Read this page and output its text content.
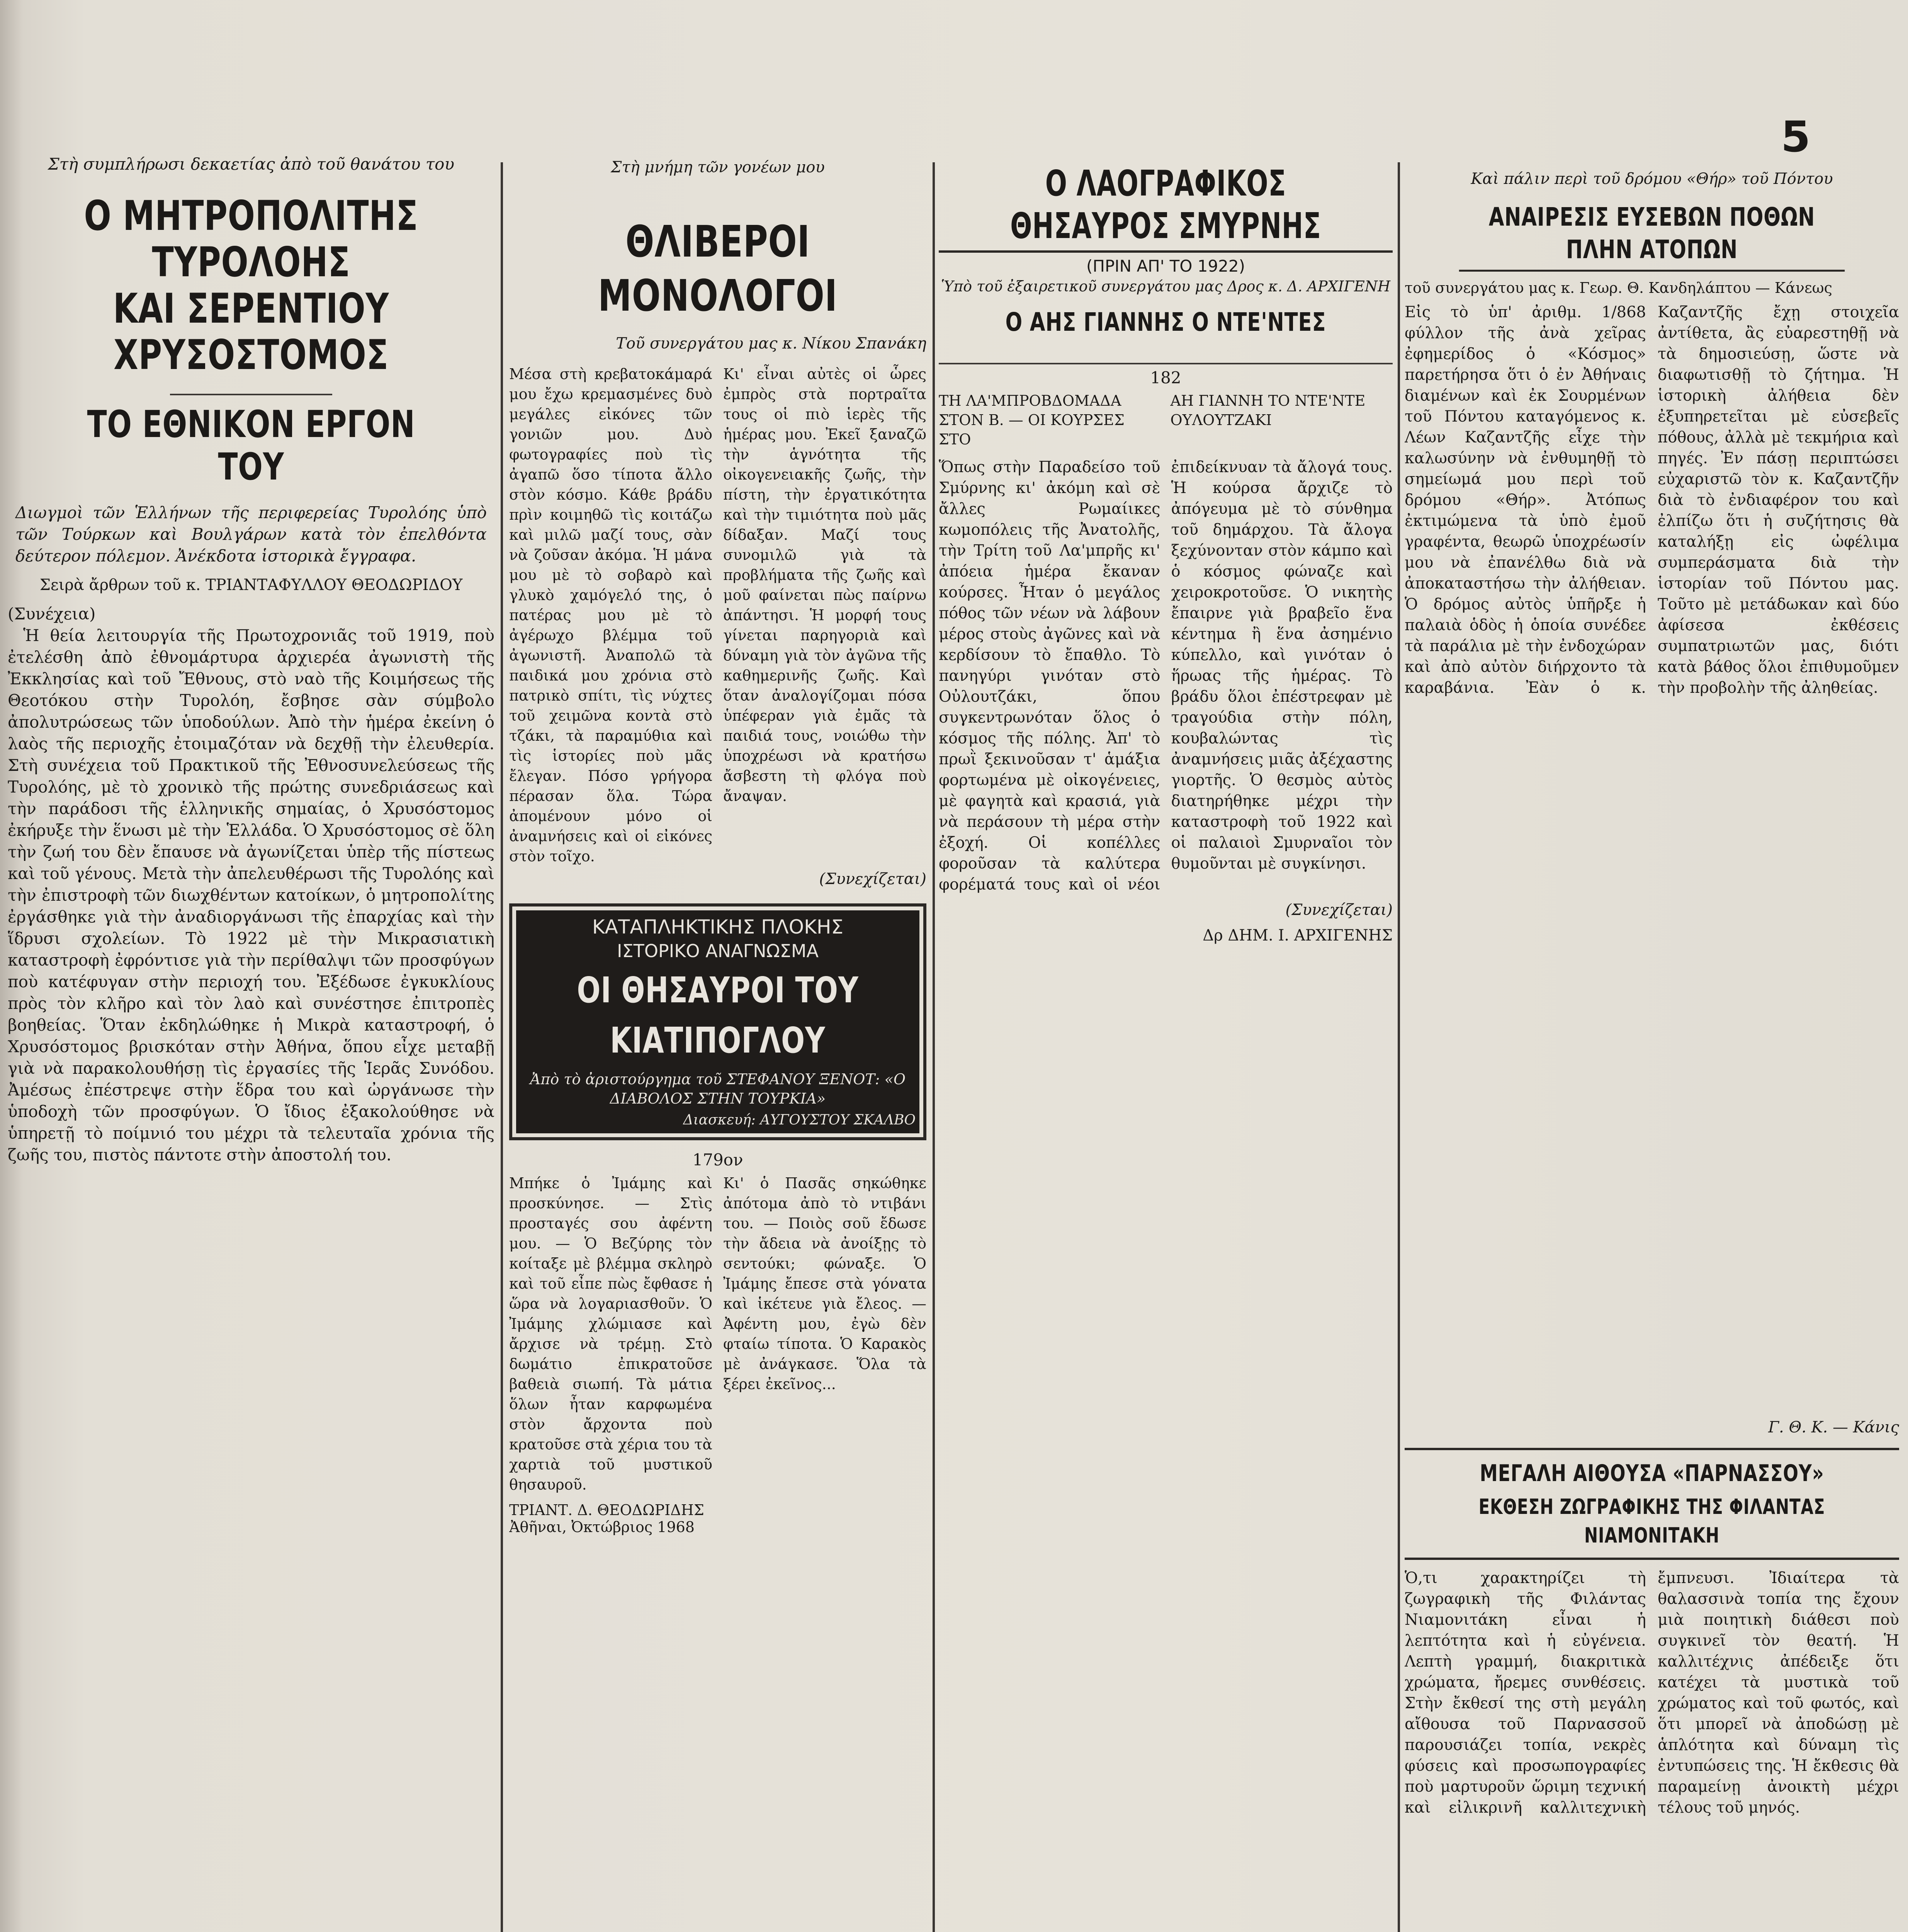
5
Στὴ συμπλήρωσι δεκαετίας ἀπὸ τοῦ θανάτου του
Ο ΜΗΤΡΟΠΟΛΙΤΗΣ ΤΥΡΟΛΟΗΣ
ΚΑΙ ΣΕΡΕΝΤΙΟΥ ΧΡΥΣΟΣΤΟΜΟΣ
ΤΟ ΕΘΝΙΚΟΝ ΕΡΓΟΝ ΤΟΥ
Διωγμοὶ τῶν Ἑλλήνων τῆς περιφερείας Τυρολόης ὑπὸ τῶν Τούρκων καὶ Βουλγάρων κατὰ τὸν ἐπελθόντα δεύτερον πόλεμον. Ἀνέκδοτα ἱστορικὰ ἔγγραφα.
Σειρὰ ἄρθρων τοῦ κ. ΤΡΙΑΝΤΑΦΥΛΛΟΥ ΘΕΟΔΩΡΙΔΟΥ
(Συνέχεια)
Ἡ θεία λειτουργία τῆς Πρωτοχρονιᾶς τοῦ 1919, ποὺ ἐτελέσθη ἀπὸ ἐθνομάρτυρα ἀρχιερέα ἀγωνιστὴ τῆς Ἐκκλησίας καὶ τοῦ Ἔθνους, στὸ ναὸ τῆς Κοιμήσεως τῆς Θεοτόκου στὴν Τυρολόη, ἔσβησε σὰν σύμβολο ἀπολυτρώσεως τῶν ὑποδούλων. Ἀπὸ τὴν ἡμέρα ἐκείνη ὁ λαὸς τῆς περιοχῆς ἐτοιμαζόταν νὰ δεχθῇ τὴν ἐλευθερία. Στὴ συνέχεια τοῦ Πρακτικοῦ τῆς Ἐθνοσυνελεύσεως τῆς Τυρολόης, μὲ τὸ χρονικὸ τῆς πρώτης συνεδριάσεως καὶ τὴν παράδοσι τῆς ἑλληνικῆς σημαίας, ὁ Χρυσόστομος ἐκήρυξε τὴν ἕνωσι μὲ τὴν Ἑλλάδα. Ὁ Χρυσόστομος σὲ ὅλη τὴν ζωή του δὲν ἔπαυσε νὰ ἀγωνίζεται ὑπὲρ τῆς πίστεως καὶ τοῦ γένους. Μετὰ τὴν ἀπελευθέρωσι τῆς Τυρολόης καὶ τὴν ἐπιστροφὴ τῶν διωχθέντων κατοίκων, ὁ μητροπολίτης ἐργάσθηκε γιὰ τὴν ἀναδιοργάνωσι τῆς ἐπαρχίας καὶ τὴν ἵδρυσι σχολείων. Τὸ 1922 μὲ τὴν Μικρασιατικὴ καταστροφὴ ἐφρόντισε γιὰ τὴν περίθαλψι τῶν προσφύγων ποὺ κατέφυγαν στὴν περιοχή του. Ἐξέδωσε ἐγκυκλίους πρὸς τὸν κλῆρο καὶ τὸν λαὸ καὶ συνέστησε ἐπιτροπὲς βοηθείας. Ὅταν ἐκδηλώθηκε ἡ Μικρὰ καταστροφή, ὁ Χρυσόστομος βρισκόταν στὴν Ἀθήνα, ὅπου εἶχε μεταβῇ γιὰ νὰ παρακολουθήσῃ τὶς ἐργασίες τῆς Ἱερᾶς Συνόδου. Ἀμέσως ἐπέστρεψε στὴν ἕδρα του καὶ ὠργάνωσε τὴν ὑποδοχὴ τῶν προσφύγων. Ὁ ἴδιος ἐξακολούθησε νὰ ὑπηρετῇ τὸ ποίμνιό του μέχρι τὰ τελευταῖα χρόνια τῆς ζωῆς του, πιστὸς πάντοτε στὴν ἀποστολή του.
Στὴ μνήμη τῶν γονέων μου
ΘΛΙΒΕΡΟΙ ΜΟΝΟΛΟΓΟΙ
Τοῦ συνεργάτου μας κ. Νίκου Σπανάκη
Μέσα στὴ κρεβατοκάμαρά μου ἔχω κρεμασμένες δυὸ μεγάλες εἰκόνες τῶν γονιῶν μου. Δυὸ φωτογραφίες ποὺ τὶς ἀγαπῶ ὅσο τίποτα ἄλλο στὸν κόσμο. Κάθε βράδυ πρὶν κοιμηθῶ τὶς κοιτάζω καὶ μιλῶ μαζί τους, σὰν νὰ ζοῦσαν ἀκόμα. Ἡ μάνα μου μὲ τὸ σοβαρὸ καὶ γλυκὸ χαμόγελό της, ὁ πατέρας μου μὲ τὸ ἀγέρωχο βλέμμα τοῦ ἀγωνιστῆ. Ἀναπολῶ τὰ παιδικά μου χρόνια στὸ πατρικὸ σπίτι, τὶς νύχτες τοῦ χειμῶνα κοντὰ στὸ τζάκι, τὰ παραμύθια καὶ τὶς ἱστορίες ποὺ μᾶς ἔλεγαν. Πόσο γρήγορα πέρασαν ὅλα. Τώρα ἀπομένουν μόνο οἱ ἀναμνήσεις καὶ οἱ εἰκόνες στὸν τοῖχο.
Κι' εἶναι αὐτὲς οἱ ὧρες ἐμπρὸς στὰ πορτραῖτα τους οἱ πιὸ ἱερὲς τῆς ἡμέρας μου. Ἐκεῖ ξαναζῶ τὴν ἁγνότητα τῆς οἰκογενειακῆς ζωῆς, τὴν πίστη, τὴν ἐργατικότητα καὶ τὴν τιμιότητα ποὺ μᾶς δίδαξαν. Μαζί τους συνομιλῶ γιὰ τὰ προβλήματα τῆς ζωῆς καὶ μοῦ φαίνεται πὼς παίρνω ἀπάντησι. Ἡ μορφή τους γίνεται παρηγοριὰ καὶ δύναμη γιὰ τὸν ἀγῶνα τῆς καθημερινῆς ζωῆς. Καὶ ὅταν ἀναλογίζομαι πόσα ὑπέφεραν γιὰ ἐμᾶς τὰ παιδιά τους, νοιώθω τὴν ὑποχρέωσι νὰ κρατήσω ἄσβεστη τὴ φλόγα ποὺ ἄναψαν.
(Συνεχίζεται)
ΚΑΤΑΠΛΗΚΤΙΚΗΣ ΠΛΟΚΗΣ
ΙΣΤΟΡΙΚΟ ΑΝΑΓΝΩΣΜΑ
ΟΙ ΘΗΣΑΥΡΟΙ ΤΟΥ ΚΙΑΤΙΠΟΓΛΟΥ
Ἀπὸ τὸ ἀριστούργημα τοῦ ΣΤΕΦΑΝΟΥ ΞΕΝΟΤ: «Ο ΔΙΑΒΟΛΟΣ ΣΤΗΝ ΤΟΥΡΚΙΑ»
Διασκευή: ΑΥΓΟΥΣΤΟΥ ΣΚΑΛΒΟ
179ον
Μπήκε ὁ Ἰμάμης καὶ προσκύνησε. — Στὶς προσταγές σου ἀφέντη μου. — Ὁ Βεζύρης τὸν κοίταξε μὲ βλέμμα σκληρὸ καὶ τοῦ εἶπε πὼς ἔφθασε ἡ ὥρα νὰ λογαριασθοῦν. Ὁ Ἰμάμης χλώμιασε καὶ ἄρχισε νὰ τρέμῃ. Στὸ δωμάτιο ἐπικρατοῦσε βαθειὰ σιωπή. Τὰ μάτια ὅλων ἦταν καρφωμένα στὸν ἄρχοντα ποὺ κρατοῦσε στὰ χέρια του τὰ χαρτιὰ τοῦ μυστικοῦ θησαυροῦ.
Κι' ὁ Πασᾶς σηκώθηκε ἀπότομα ἀπὸ τὸ ντιβάνι του. — Ποιὸς σοῦ ἔδωσε τὴν ἄδεια νὰ ἀνοίξῃς τὸ σεντούκι; φώναξε. Ὁ Ἰμάμης ἔπεσε στὰ γόνατα καὶ ἱκέτευε γιὰ ἔλεος. — Ἀφέντη μου, ἐγὼ δὲν φταίω τίποτα. Ὁ Καρακὸς μὲ ἀνάγκασε. Ὅλα τὰ ξέρει ἐκεῖνος...
ΤΡΙΑΝΤ. Δ. ΘΕΟΔΩΡΙΔΗΣ
Ἀθῆναι, Ὀκτώβριος 1968
Ο ΛΑΟΓΡΑΦΙΚΟΣ ΘΗΣΑΥΡΟΣ ΣΜΥΡΝΗΣ
(ΠΡΙΝ ΑΠ' ΤΟ 1922)
Ὑπὸ τοῦ ἐξαιρετικοῦ συνεργάτου μας Δρος κ. Δ. ΑΡΧΙΓΕΝΗ
Ο ΑΗΣ ΓΙΑΝΝΗΣ Ο ΝΤΕ'ΝΤΕΣ
182
ΤΗ ΛΑ'ΜΠΡΟΒΔΟΜΑΔΑ ΣΤΟΝ Β. — ΟΙ ΚΟΥΡΣΕΣ ΣΤΟ
ΑΗ ΓΙΑΝΝΗ ΤΟ ΝΤΕ'ΝΤΕ ΟΥΛΟΥΤΖΑΚΙ
Ὅπως στὴν Παραδείσο τοῦ Σμύρνης κι' ἀκόμη καὶ σὲ ἄλλες Ρωμαίικες κωμοπόλεις τῆς Ἀνατολῆς, τὴν Τρίτη τοῦ Λα'μπρῆς κι' ἀπόεια ἡμέρα ἔκαναν κούρσες. Ἦταν ὁ μεγάλος πόθος τῶν νέων νὰ λάβουν μέρος στοὺς ἀγῶνες καὶ νὰ κερδίσουν τὸ ἔπαθλο. Τὸ πανηγύρι γινόταν στὸ Οὐλουτζάκι, ὅπου συγκεντρωνόταν ὅλος ὁ κόσμος τῆς πόλης. Ἀπ' τὸ πρωῒ ξεκινοῦσαν τ' ἁμάξια φορτωμένα μὲ οἰκογένειες, μὲ φαγητὰ καὶ κρασιά, γιὰ νὰ περάσουν τὴ μέρα στὴν ἐξοχή. Οἱ κοπέλλες φοροῦσαν τὰ καλύτερα φορέματά τους καὶ οἱ νέοι ἐπιδείκνυαν τὰ ἄλογά τους. Ἡ κούρσα ἄρχιζε τὸ ἀπόγευμα μὲ τὸ σύνθημα τοῦ δημάρχου. Τὰ ἄλογα ξεχύνονταν στὸν κάμπο καὶ ὁ κόσμος φώναζε καὶ χειροκροτοῦσε. Ὁ νικητὴς ἔπαιρνε γιὰ βραβεῖο ἕνα κέντημα ἢ ἕνα ἀσημένιο κύπελλο, καὶ γινόταν ὁ ἥρωας τῆς ἡμέρας. Τὸ βράδυ ὅλοι ἐπέστρεφαν μὲ τραγούδια στὴν πόλη, κουβαλώντας τὶς ἀναμνήσεις μιᾶς ἀξέχαστης γιορτῆς. Ὁ θεσμὸς αὐτὸς διατηρήθηκε μέχρι τὴν καταστροφὴ τοῦ 1922 καὶ οἱ παλαιοὶ Σμυρναῖοι τὸν θυμοῦνται μὲ συγκίνησι.
(Συνεχίζεται)
Δρ ΔΗΜ. Ι. ΑΡΧΙΓΕΝΗΣ
Καὶ πάλιν περὶ τοῦ δρόμου «Θήρ» τοῦ Πόντου
ΑΝΑΙΡΕΣΙΣ ΕΥΣΕΒΩΝ ΠΟΘΩΝ ΠΛΗΝ ΑΤΟΠΩΝ
τοῦ συνεργάτου μας κ. Γεωρ. Θ. Κανδηλάπτου — Κάνεως
Εἰς τὸ ὑπ' ἀριθμ. 1/868 φύλλον τῆς ἀνὰ χεῖρας ἐφημερίδος ὁ «Κόσμος» παρετήρησα ὅτι ὁ ἐν Ἀθήναις διαμένων καὶ ἐκ Σουρμένων τοῦ Πόντου καταγόμενος κ. Λέων Καζαντζῆς εἶχε τὴν καλωσύνην νὰ ἐνθυμηθῇ τὸ σημείωμά μου περὶ τοῦ δρόμου «Θήρ». Ἀτόπως ἐκτιμώμενα τὰ ὑπὸ ἐμοῦ γραφέντα, θεωρῶ ὑποχρέωσίν μου νὰ ἐπανέλθω διὰ νὰ ἀποκαταστήσω τὴν ἀλήθειαν. Ὁ δρόμος αὐτὸς ὑπῆρξε ἡ παλαιὰ ὁδὸς ἡ ὁποία συνέδεε τὰ παράλια μὲ τὴν ἐνδοχώραν καὶ ἀπὸ αὐτὸν διήρχοντο τὰ καραβάνια. Ἐὰν ὁ κ. Καζαντζῆς ἔχῃ στοιχεῖα ἀντίθετα, ἂς εὐαρεστηθῇ νὰ τὰ δημοσιεύσῃ, ὥστε νὰ διαφωτισθῇ τὸ ζήτημα. Ἡ ἱστορικὴ ἀλήθεια δὲν ἐξυπηρετεῖται μὲ εὐσεβεῖς πόθους, ἀλλὰ μὲ τεκμήρια καὶ πηγές. Ἐν πάσῃ περιπτώσει εὐχαριστῶ τὸν κ. Καζαντζῆν διὰ τὸ ἐνδιαφέρον του καὶ ἐλπίζω ὅτι ἡ συζήτησις θὰ καταλήξῃ εἰς ὠφέλιμα συμπεράσματα διὰ τὴν ἱστορίαν τοῦ Πόντου μας. Τοῦτο μὲ μετάδωκαν καὶ δύο ἀφίσεσα ἐκθέσεις συμπατριωτῶν μας, διότι κατὰ βάθος ὅλοι ἐπιθυμοῦμεν τὴν προβολὴν τῆς ἀληθείας.
Γ. Θ. Κ. — Κάνις
ΜΕΓΑΛΗ ΑΙΘΟΥΣΑ «ΠΑΡΝΑΣΣΟΥ»
ΕΚΘΕΣΗ ΖΩΓΡΑΦΙΚΗΣ ΤΗΣ ΦΙΛΑΝΤΑΣ ΝΙΑΜΟΝΙΤΑΚΗ
Ὁ,τι χαρακτηρίζει τὴ ζωγραφικὴ τῆς Φιλάντας Νιαμονιτάκη εἶναι ἡ λεπτότητα καὶ ἡ εὐγένεια. Λεπτὴ γραμμή, διακριτικὰ χρώματα, ἤρεμες συνθέσεις. Στὴν ἔκθεσί της στὴ μεγάλη αἴθουσα τοῦ Παρνασσοῦ παρουσιάζει τοπία, νεκρὲς φύσεις καὶ προσωπογραφίες ποὺ μαρτυροῦν ὥριμη τεχνική καὶ εἰλικρινῆ καλλιτεχνικὴ ἔμπνευσι. Ἰδιαίτερα τὰ θαλασσινὰ τοπία της ἔχουν μιὰ ποιητικὴ διάθεσι ποὺ συγκινεῖ τὸν θεατή. Ἡ καλλιτέχνις ἀπέδειξε ὅτι κατέχει τὰ μυστικὰ τοῦ χρώματος καὶ τοῦ φωτός, καὶ ὅτι μπορεῖ νὰ ἀποδώσῃ μὲ ἁπλότητα καὶ δύναμη τὶς ἐντυπώσεις της. Ἡ ἔκθεσις θὰ παραμείνῃ ἀνοικτὴ μέχρι τέλους τοῦ μηνός.
